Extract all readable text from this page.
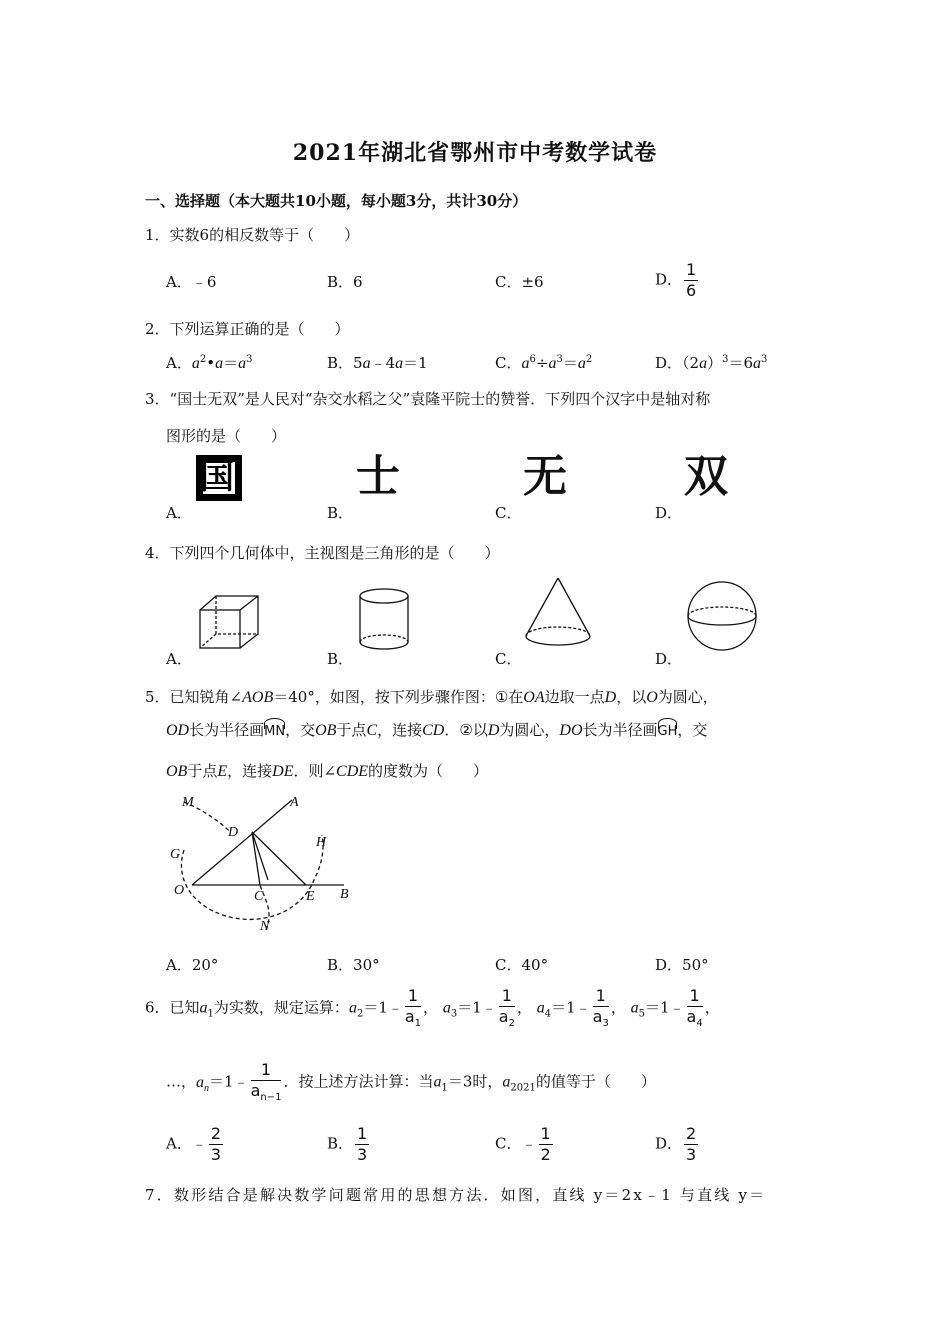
2021年湖北省鄂州市中考数学试卷
一、选择题（本大题共10小题，每小题3分，共计30分）
1．实数6的相反数等于（　　）
A．﹣6	B．6	C．±6	D． $\frac{1}{6}$
2．下列运算正确的是（　　）
A．$a^2•a=a^3$	B．5a﹣4a＝1	C．$a^6\div a^3=a^2$	D．$(2a)^3=6a^3$
3．“国士无双”是人民对“杂交水稻之父”袁隆平院士的赞誉．下列四个汉字中是轴对称
图形的是（　　）
A．
国
B．
士
C．
无
D．
双
4．下列四个几何体中，主视图是三角形的是（　　）
A．	B．	C．	D．
5．已知锐角∠AOB＝40°，如图，按下列步骤作图：①在OA边取一点D，以O为圆心，
OD长为半径画MN，交OB于点C，连接CD．②以D为圆心，DO长为半径画GH，交
OB于点E，连接DE．则∠CDE的度数为（　　）
M	A
D
G
H
O	C	E B
N
A．20°	B．30°	C．40°	D．50°
6．已知$a_1$为实数，规定运算：$a_2=1﹣ \frac{1}{a_1}$ ， $a_3=1﹣ \frac{1}{a_2}$ ， $a_4=1﹣ \frac{1}{a_3}$ ， $a_5=1﹣ \frac{1}{a_4}$ ，
…，$a_n=1﹣ \frac{1}{a_{n-1}}$ ．按上述方法计算：当$a_1=3$时，$a_{2021}$的值等于（　　）
A．﹣ $\frac{2}{3}$	B． $\frac{1}{3}$	C．﹣ $\frac{1}{2}$	D． $\frac{2}{3}$
7．数形结合是解决数学问题常用的思想方法．如图，直线 y＝2x﹣1 与直线 y＝
